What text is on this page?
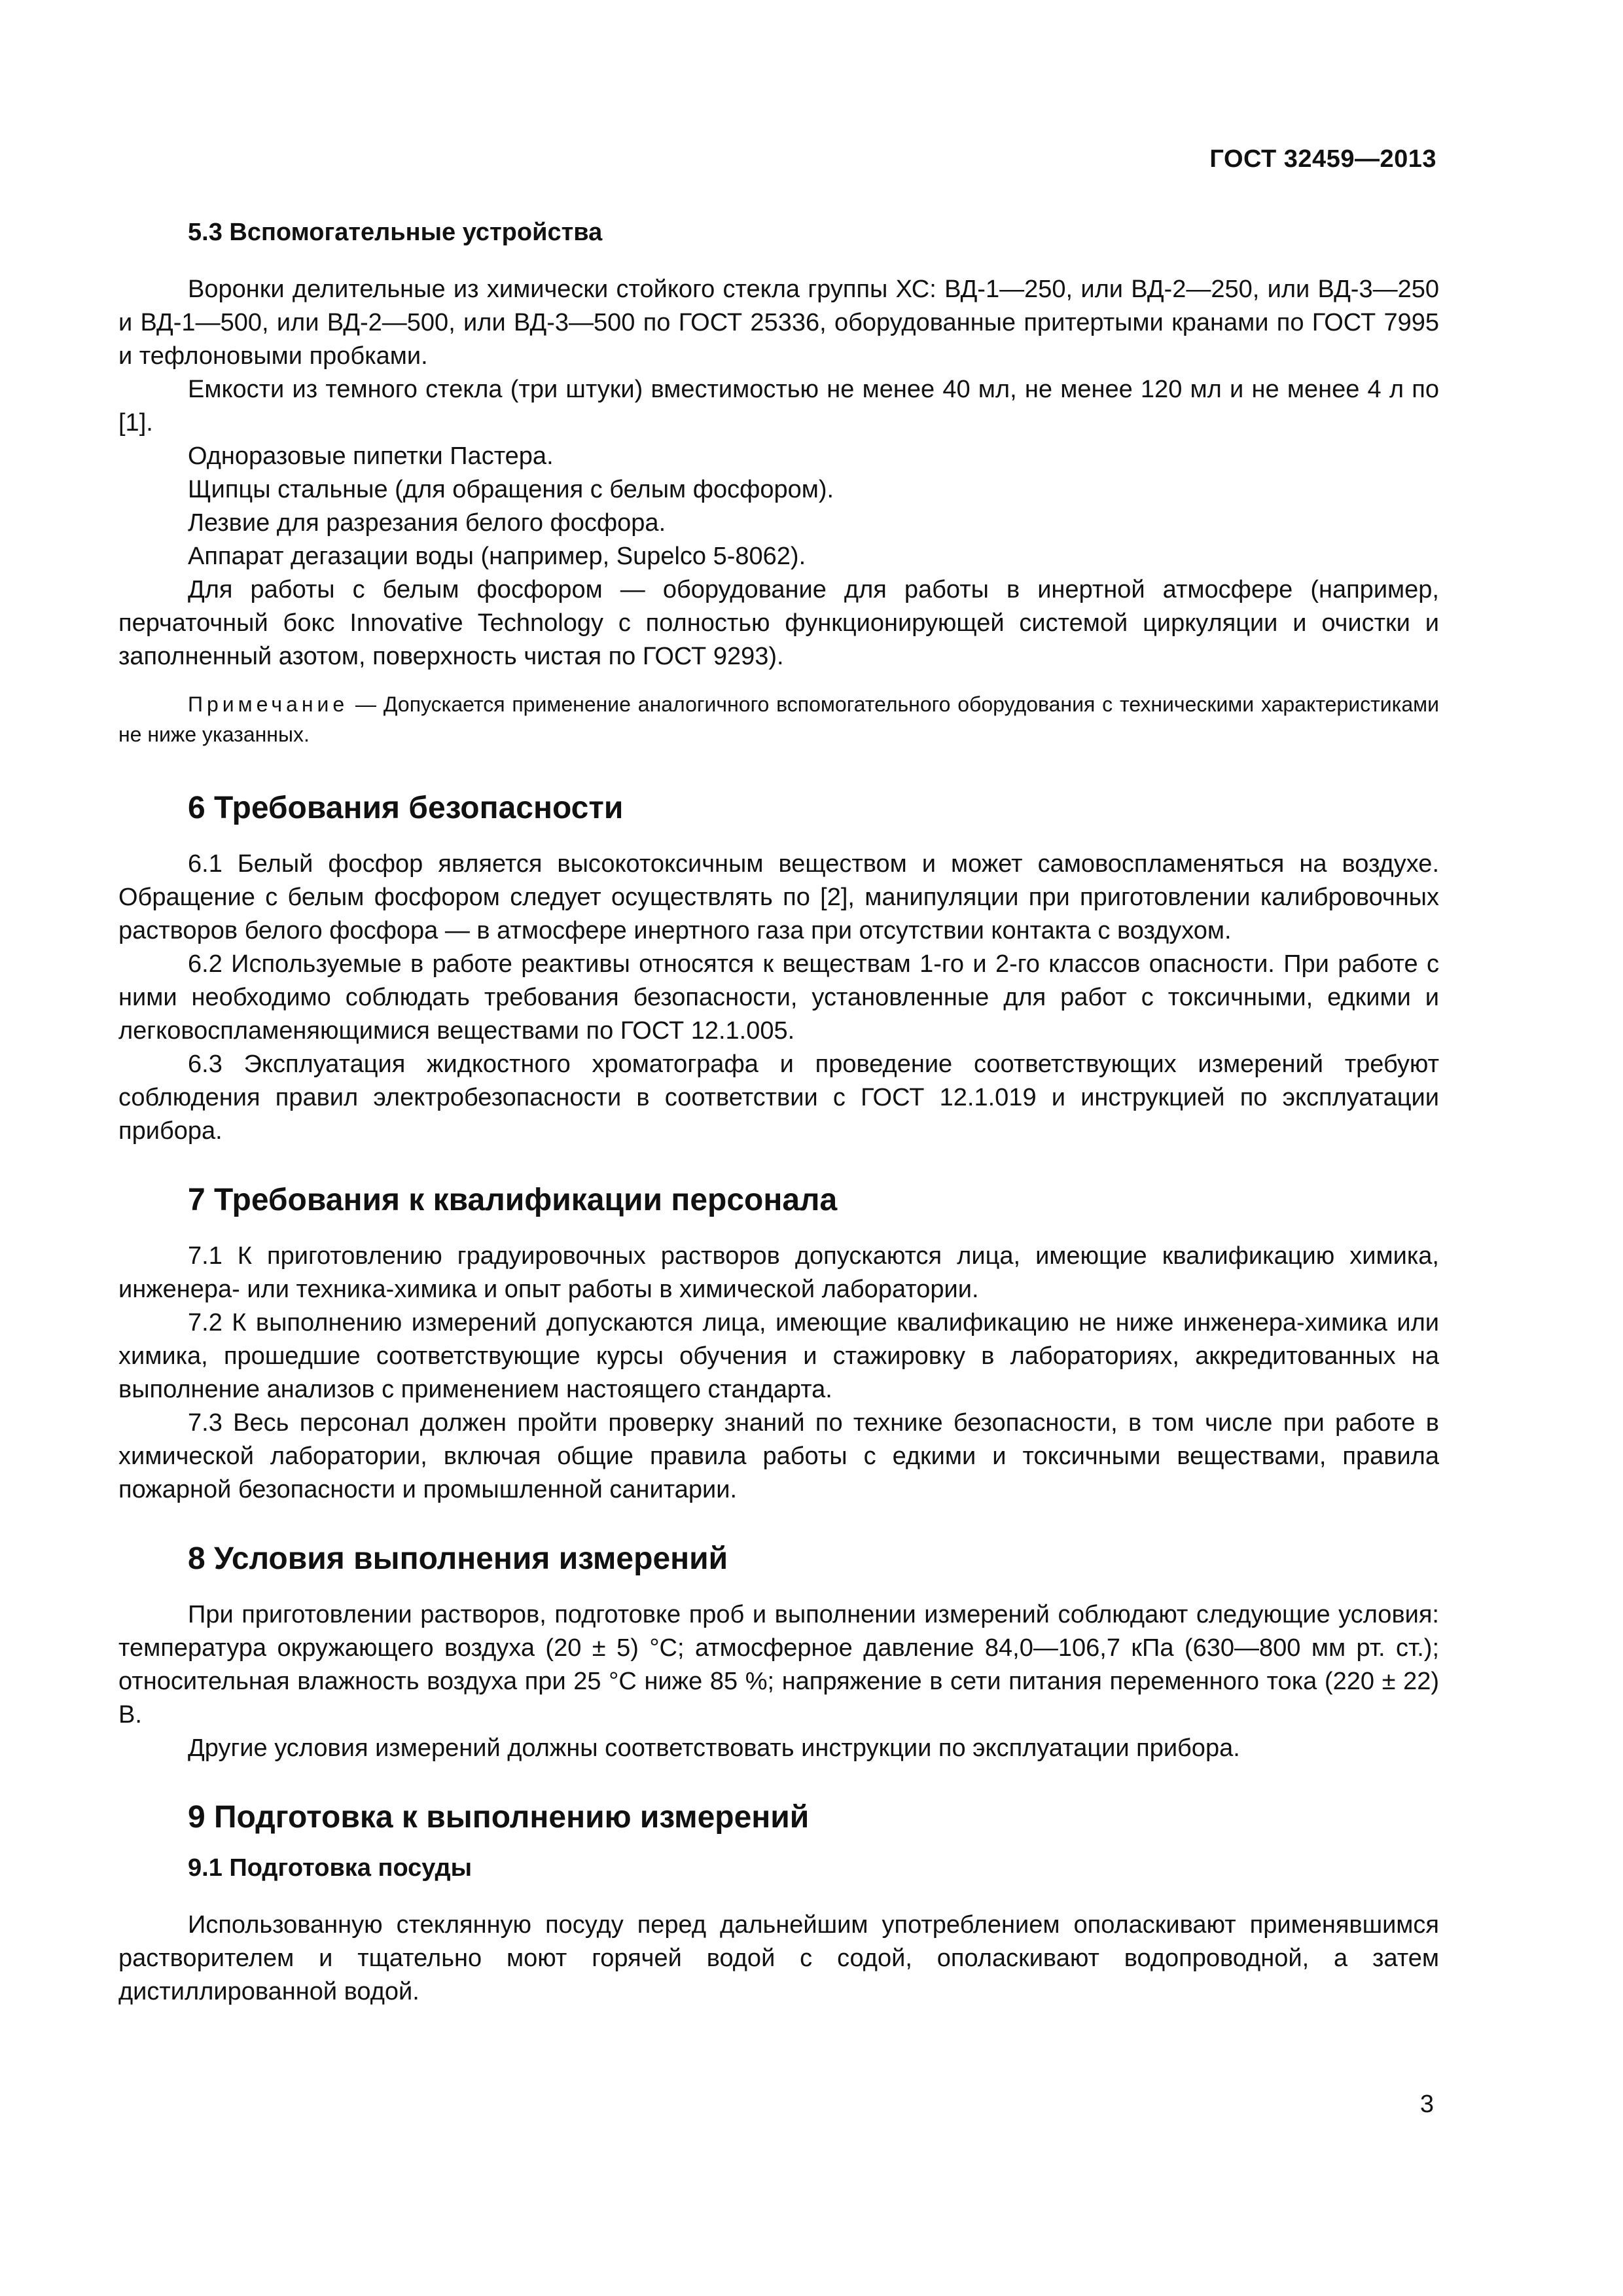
ГОСТ 32459—2013
5.3 Вспомогательные устройства

Воронки делительные из химически стойкого стекла группы ХС: ВД-1—250, или ВД-2—250, или ВД-3—250 и ВД-1—500, или ВД-2—500, или ВД-3—500 по ГОСТ 25336, оборудованные притертыми кранами по ГОСТ 7995 и тефлоновыми пробками.

Емкости из темного стекла (три штуки) вместимостью не менее 40 мл, не менее 120 мл и не менее 4 л по [1].

Одноразовые пипетки Пастера.

Щипцы стальные (для обращения с белым фосфором).

Лезвие для разрезания белого фосфора.

Аппарат дегазации воды (например, Supelco 5-8062).

Для работы с белым фосфором — оборудование для работы в инертной атмосфере (например, перчаточный бокс Innovative Technology с полностью функционирующей системой циркуляции и очистки и заполненный азотом, поверхность чистая по ГОСТ 9293).

Примечание — Допускается применение аналогичного вспомогательного оборудования с техническими характеристиками не ниже указанных.

6 Требования безопасности

6.1 Белый фосфор является высокотоксичным веществом и может самовоспламеняться на воздухе. Обращение с белым фосфором следует осуществлять по [2], манипуляции при приготовлении калибровочных растворов белого фосфора — в атмосфере инертного газа при отсутствии контакта с воздухом.

6.2 Используемые в работе реактивы относятся к веществам 1-го и 2-го классов опасности. При работе с ними необходимо соблюдать требования безопасности, установленные для работ с токсичными, едкими и легковоспламеняющимися веществами по ГОСТ 12.1.005.

6.3 Эксплуатация жидкостного хроматографа и проведение соответствующих измерений требуют соблюдения правил электробезопасности в соответствии с ГОСТ 12.1.019 и инструкцией по эксплуатации прибора.

7 Требования к квалификации персонала

7.1 К приготовлению градуировочных растворов допускаются лица, имеющие квалификацию химика, инженера- или техника-химика и опыт работы в химической лаборатории.

7.2 К выполнению измерений допускаются лица, имеющие квалификацию не ниже инженера-химика или химика, прошедшие соответствующие курсы обучения и стажировку в лабораториях, аккредитованных на выполнение анализов с применением настоящего стандарта.

7.3 Весь персонал должен пройти проверку знаний по технике безопасности, в том числе при работе в химической лаборатории, включая общие правила работы с едкими и токсичными веществами, правила пожарной безопасности и промышленной санитарии.

8 Условия выполнения измерений

При приготовлении растворов, подготовке проб и выполнении измерений соблюдают следующие условия: температура окружающего воздуха (20 ± 5) °С; атмосферное давление 84,0—106,7 кПа (630—800 мм рт. ст.); относительная влажность воздуха при 25 °С ниже 85 %; напряжение в сети питания переменного тока (220 ± 22) В.

Другие условия измерений должны соответствовать инструкции по эксплуатации прибора.

9 Подготовка к выполнению измерений
9.1 Подготовка посуды

Использованную стеклянную посуду перед дальнейшим употреблением ополаскивают применявшимся растворителем и тщательно моют горячей водой с содой, ополаскивают водопроводной, а затем дистиллированной водой.

3
